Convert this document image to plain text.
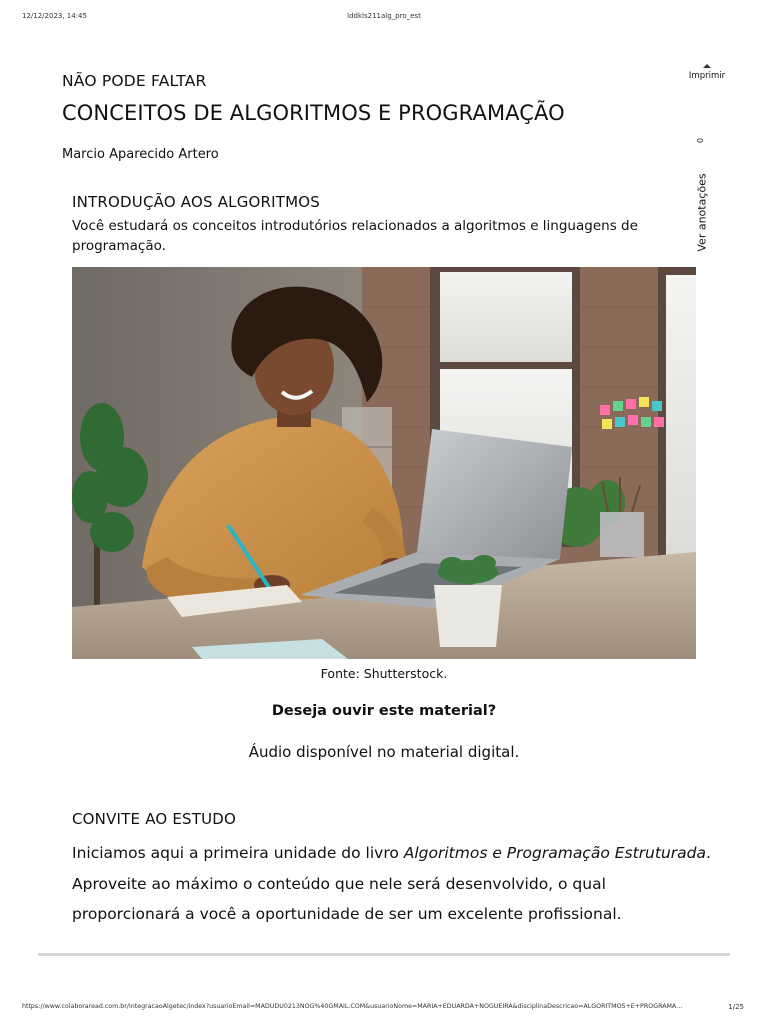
12/12/2023, 14:45	lddkls211alg_pro_est
NÃO PODE FALTAR
CONCEITOS DE ALGORITMOS E PROGRAMAÇÃO
Marcio Aparecido Artero
Imprimir
0
Ver anotações
INTRODUÇÃO AOS ALGORITMOS
Você estudará os conceitos introdutórios relacionados a algoritmos e linguagens de programação.
Fonte: Shutterstock.
Deseja ouvir este material?
Áudio disponível no material digital.
CONVITE AO ESTUDO
Iniciamos aqui a primeira unidade do livro Algoritmos e Programação Estruturada. Aproveite ao máximo o conteúdo que nele será desenvolvido, o qual proporcionará a você a oportunidade de ser um excelente profissional.
https://www.colaboraread.com.br/integracaoAlgetec/index?usuarioEmail=MADUDU0213NOG%40GMAIL.COM&usuarioNome=MARIA+EDUARDA+NOGUEIRA&disciplinaDescricao=ALGORITMOS+E+PROGRAMA…	1/25
